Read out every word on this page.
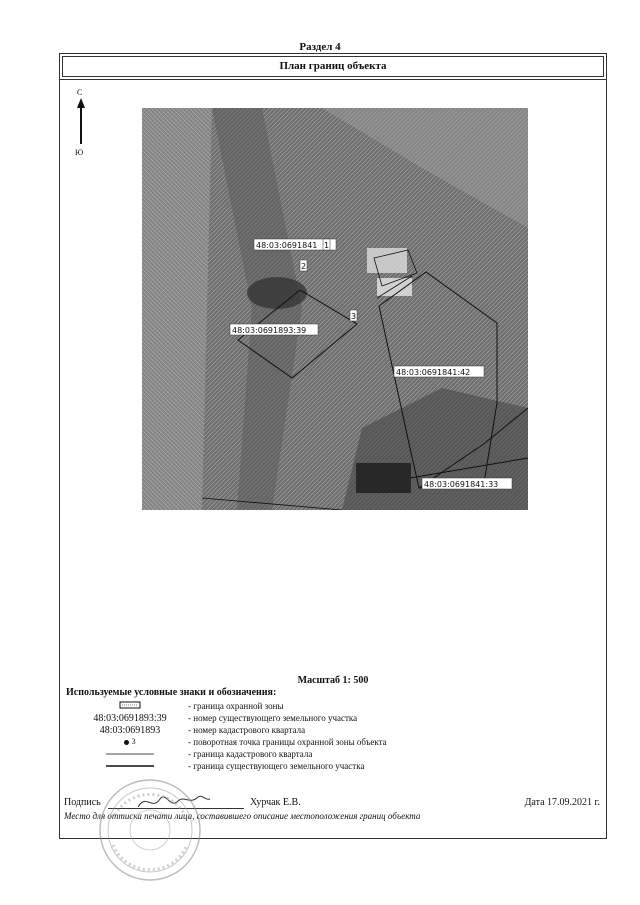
Раздел 4
План границ объекта
С
Ю
48:03:0691841
48:03:0691893:39
48:03:0691841:42
48:03:0691841:33
1
2
3
Масштаб 1: 500
Используемые условные знаки и обозначения:
- граница охранной зоны
48:03:0691893:39	- номер существующего земельного участка
48:03:0691893	- номер кадастрового квартала
3	- поворотная точка границы охранной зоны объекта
- граница кадастрового квартала
- граница существующего земельного участка
Подпись	Хурчак Е.В.	Дата 17.09.2021 г.
Место для оттиска печати лица, составившего описание местоположения границ объекта
